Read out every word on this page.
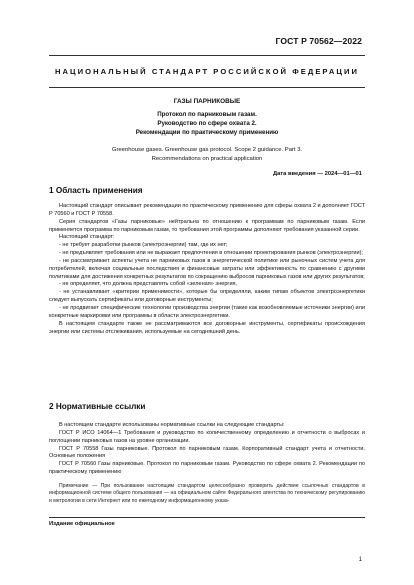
ГОСТ Р 70562—2022
НАЦИОНАЛЬНЫЙ СТАНДАРТ РОССИЙСКОЙ ФЕДЕРАЦИИ
ГАЗЫ ПАРНИКОВЫЕ
Протокол по парниковым газам.
Руководство по сфере охвата 2.
Рекомендации по практическому применению
Greenhouse gases. Greenhouse gas protocol. Scope 2 guidance. Part 3.
Recommendations on practical application
Дата введения — 2024—01—01
1 Область применения

Настоящий стандарт описывает рекомендации по практическому применению для сферы охвата 2 и дополняет ГОСТ Р 70560 и ГОСТ Р 70558.

Серия стандартов «Газы парниковые» нейтральна по отношению к программам по парниковым газам. Если применяется программа по парниковым газам, то требования этой программы дополняют требования указанной серии.

Настоящий стандарт:

- не требует разработки рынков (электроэнергии) там, где их нет;

- не предъявляет требования или не выражает предпочтения в отношении проектирования рынков (электроэнергии);

- не рассматривает аспекты учета не парниковых газов в энергетической политике или рыночных систем учета для потребителей, включая социальные последствия и финансовые затраты или эффективность по сравнению с другими политиками для достижения конкретных результатов по сокращению выбросов парниковых газов или других результатов;

- не определяет, что должна представлять собой «зеленая» энергия,

- не устанавливает «критерии применимости», которые бы определяли, каким типам объектов электроэнергетики следует выпускать сертификаты или договорные инструменты;

- не продвигает специфические технологии производства энергии (такие как возобновляемые источники энергии) или конкретные маркировки или программы в области электроэнергетики.

В настоящем стандарте также не рассматриваются все договорные инструменты, сертификаты происхождения энергии или системы отслеживания, используемые на сегодняшний день.

2 Нормативные ссылки

В настоящем стандарте использованы нормативные ссылки на следующие стандарты:

ГОСТ Р ИСО 14064—1 Требования и руководство по количественному определению и отчетности о выбросах и поглощении парниковых газов на уровне организации.

ГОСТ Р 70558 Газы парниковые. Протокол по парниковым газам. Корпоративный стандарт учета и отчетности. Основные положения

ГОСТ Р 70560 Газы парниковые. Протокол по парниковым газам. Руководство по сфере охвата 2. Рекомендации по практическому применению

Примечание — При пользовании настоящим стандартом целесообразно проверить действие ссылочных стандартов в информационной системе общего пользования — на официальном сайте Федерального агентства по техническому регулированию и метрологии в сети Интернет или по ежегодному информационному указа-

Издание официальное
1
